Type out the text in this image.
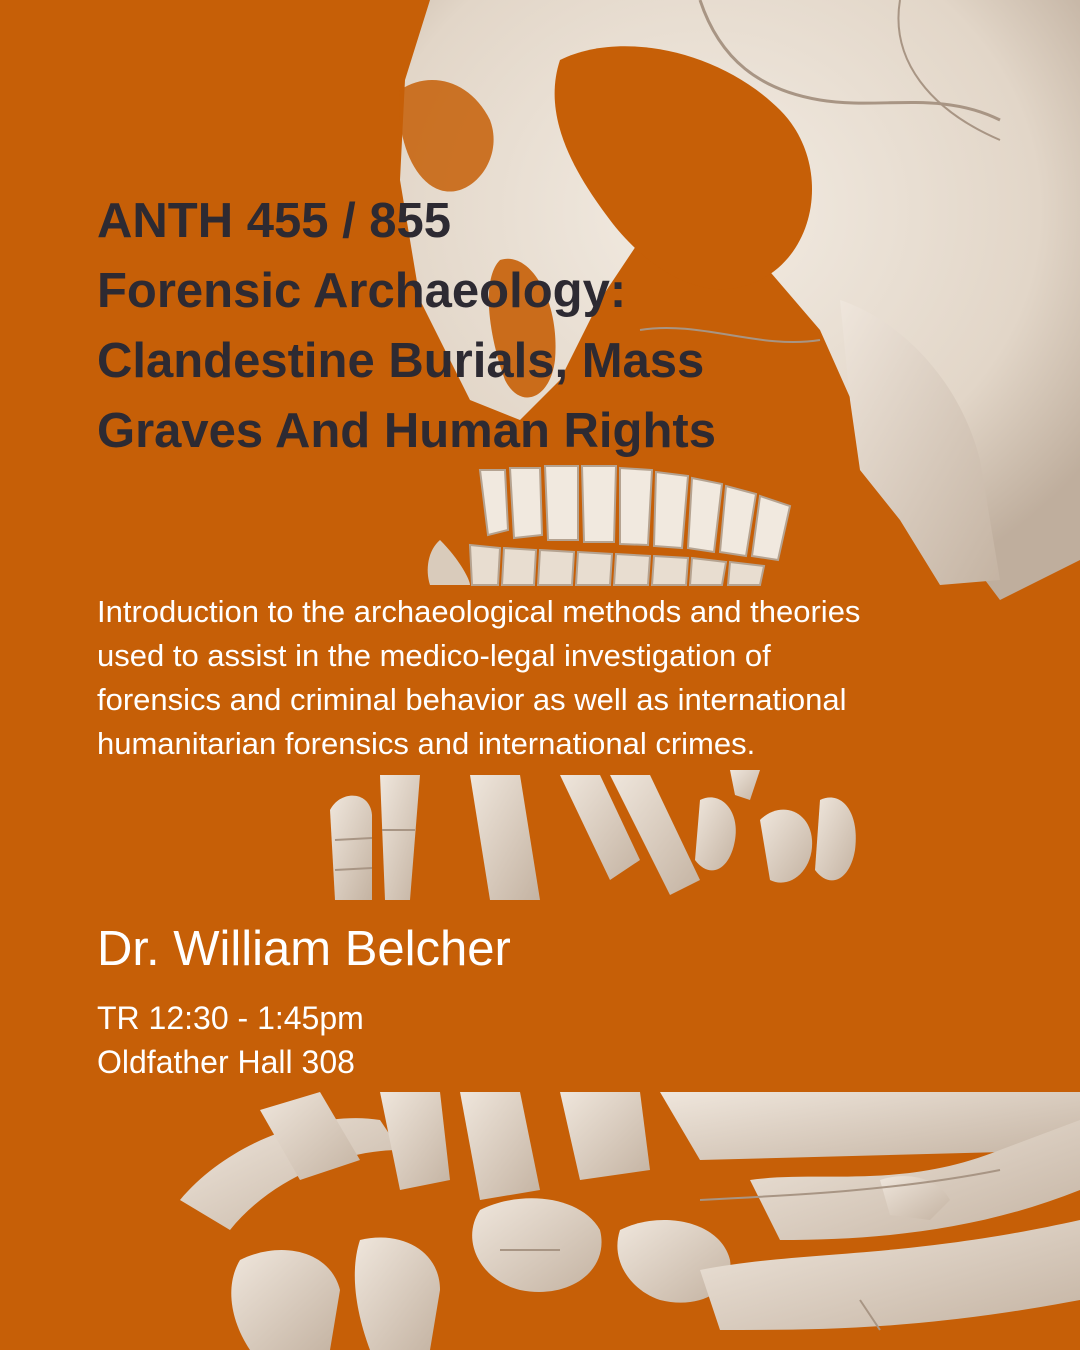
ANTH 455 / 855
Forensic Archaeology:
Clandestine Burials, Mass
Graves And Human Rights
Introduction to the archaeological methods and theories
used to assist in the medico-legal investigation of
forensics and criminal behavior as well as international
humanitarian forensics and international crimes.
Dr. William Belcher
TR 12:30 - 1:45pm
Oldfather Hall 308
